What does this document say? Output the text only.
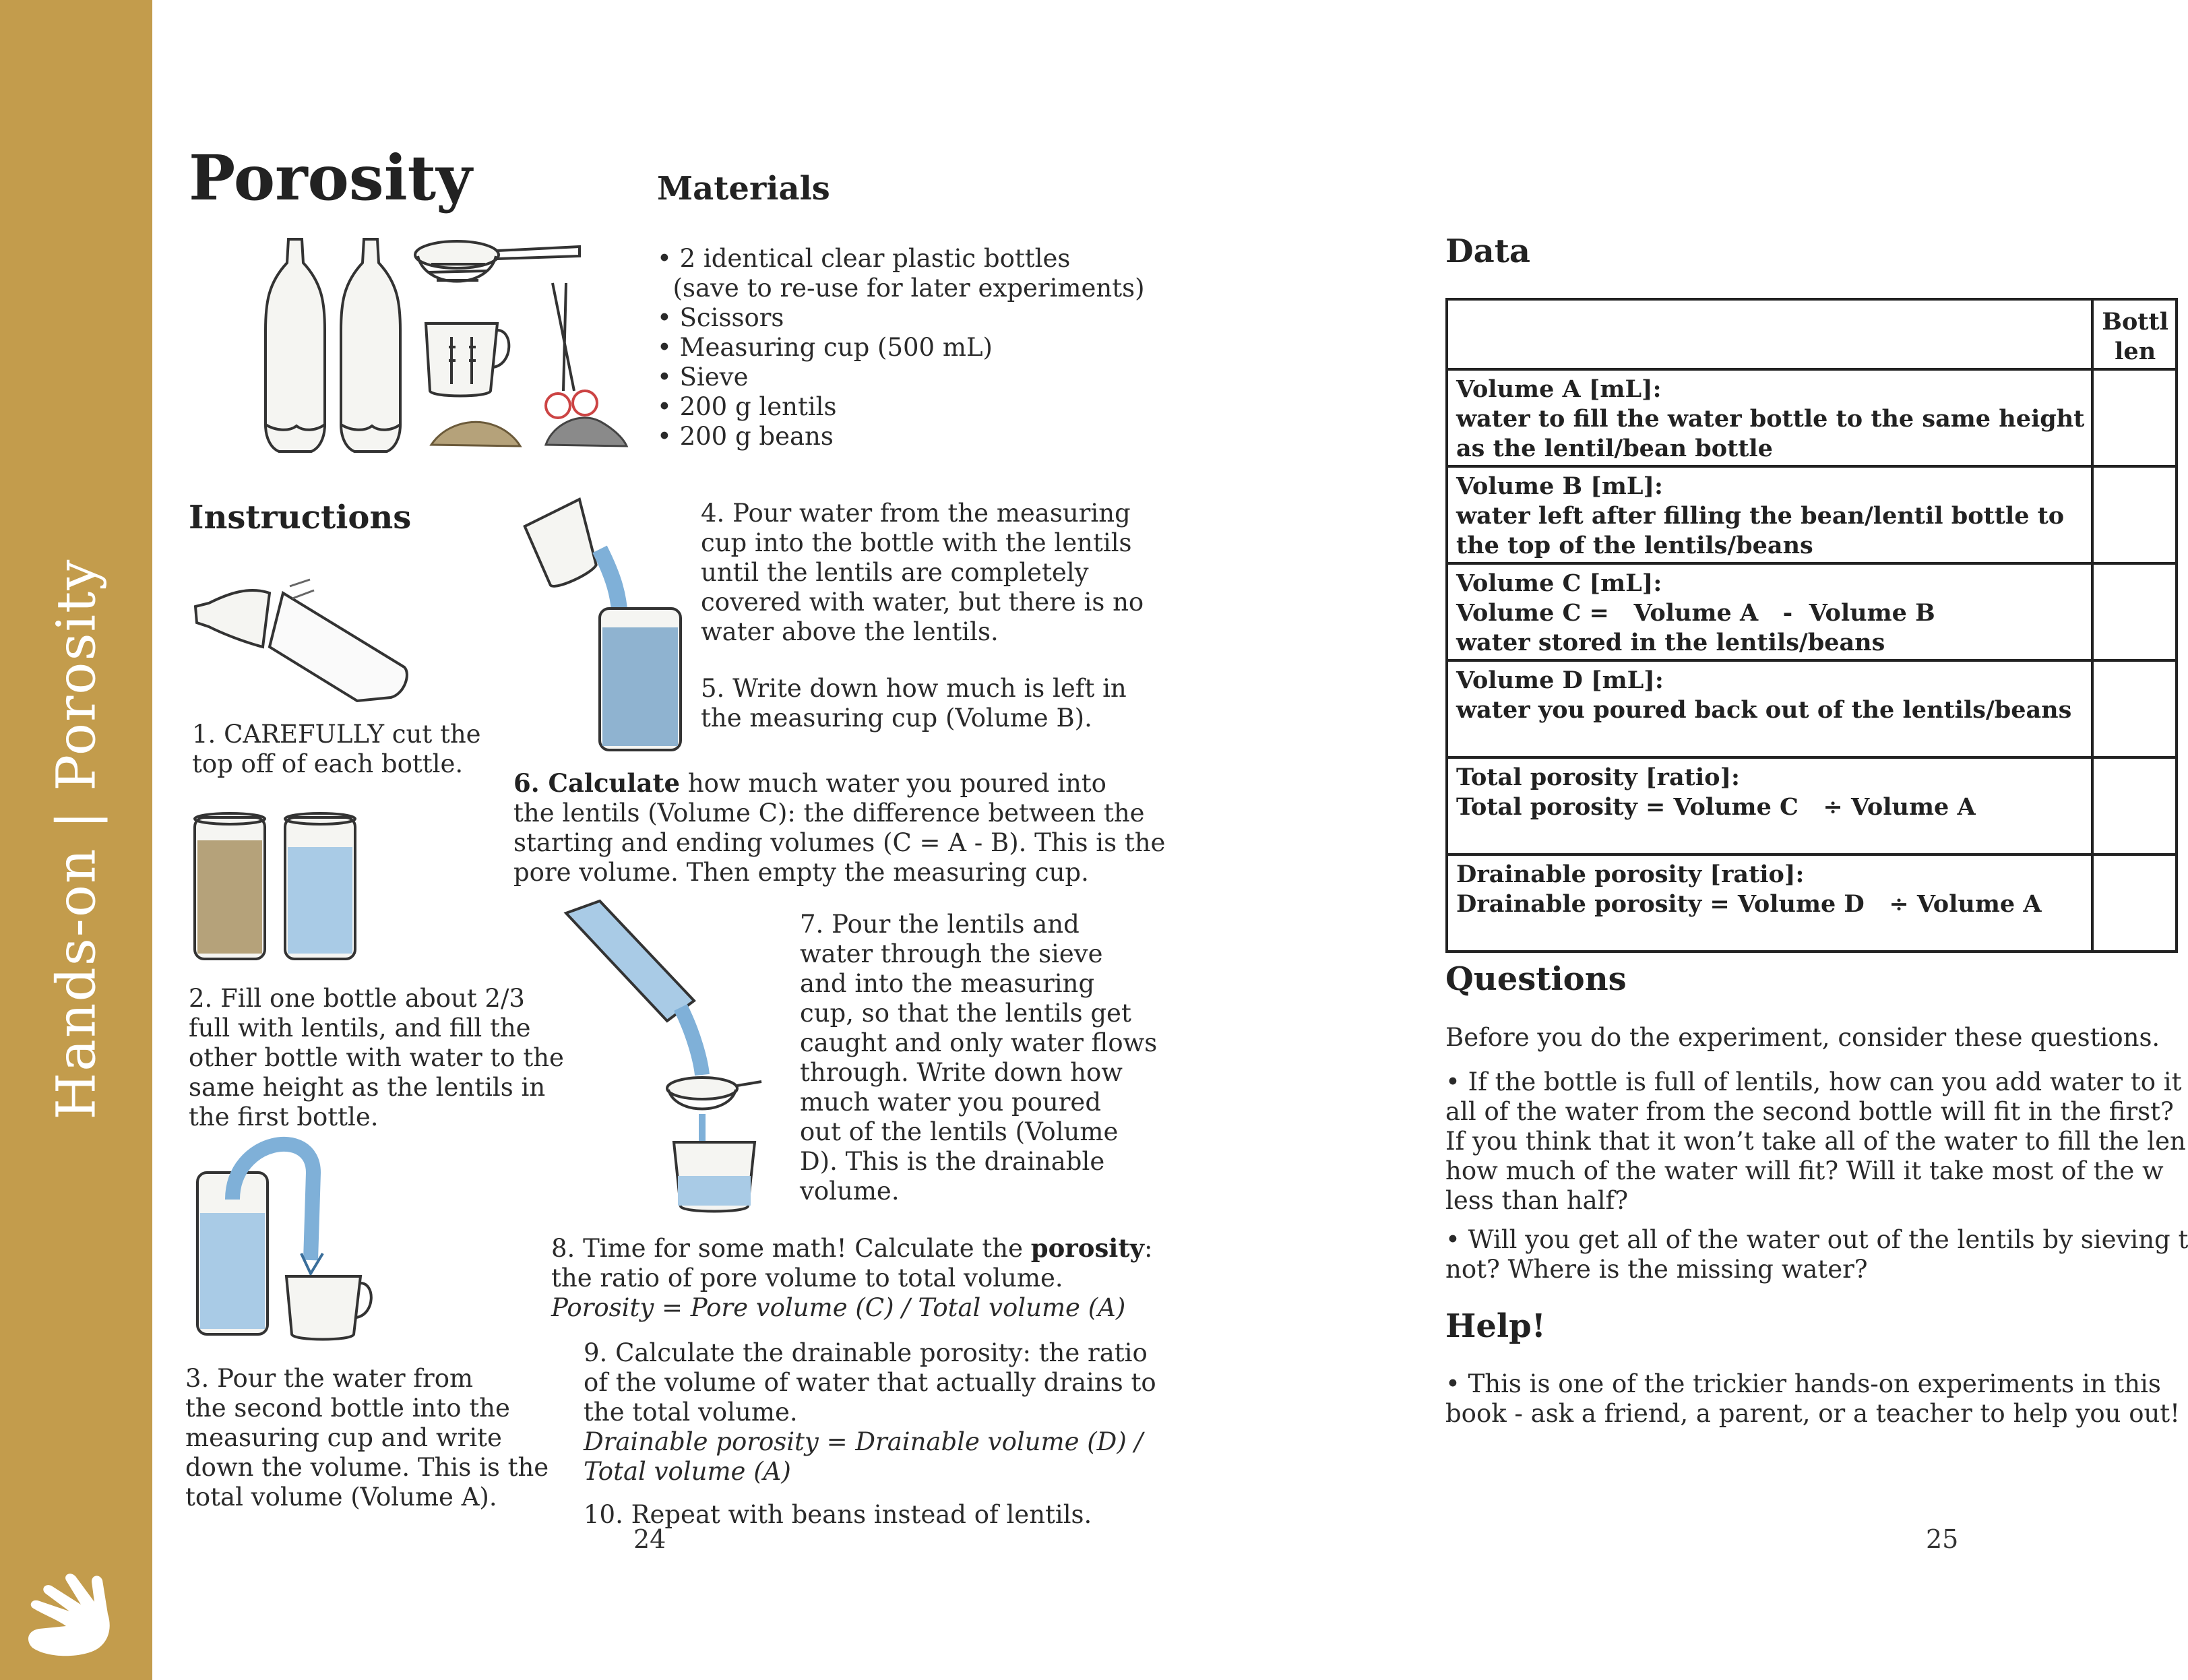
Hands-on | Porosity
Porosity	Materials
• 2 identical clear plastic bottles
(save to re-use for later experiments)
• Scissors
• Measuring cup (500 mL)
• Sieve
• 200 g lentils
• 200 g beans
Instructions
1. CAREFULLY cut the
top off of each bottle.
2. Fill one bottle about 2/3
full with lentils, and fill the
other bottle with water to the
same height as the lentils in
the first bottle.
3. Pour the water from
the second bottle into the
measuring cup and write
down the volume. This is the
total volume (Volume A).
4. Pour water from the measuring
cup into the bottle with the lentils
until the lentils are completely
covered with water, but there is no
water above the lentils.
5. Write down how much is left in
the measuring cup (Volume B).
6. Calculate how much water you poured into
the lentils (Volume C): the difference between the
starting and ending volumes (C = A - B). This is the
pore volume. Then empty the measuring cup.
7. Pour the lentils and
water through the sieve
and into the measuring
cup, so that the lentils get
caught and only water flows
through. Write down how
much water you poured
out of the lentils (Volume
D). This is the drainable
volume.
8. Time for some math! Calculate the porosity:
the ratio of pore volume to total volume.
Porosity = Pore volume (C) / Total volume (A)
9. Calculate the drainable porosity: the ratio
of the volume of water that actually drains to
the total volume.
Drainable porosity = Drainable volume (D) /
Total volume (A)
10. Repeat with beans instead of lentils.
24
Data

	Bottl
len

Volume A [mL]:
water to fill the water bottle to the same height
as the lentil/bean bottle	

Volume B [mL]:
water left after filling the bean/lentil bottle to
the top of the lentils/beans	

Volume C [mL]:
Volume C =   Volume A   -  Volume B
water stored in the lentils/beans	

Volume D [mL]:
water you poured back out of the lentils/beans	

Total porosity [ratio]:
Total porosity = Volume C   ÷ Volume A	

Drainable porosity [ratio]:
Drainable porosity = Volume D   ÷ Volume A	

Questions
Before you do the experiment, consider these questions.
• If the bottle is full of lentils, how can you add water to it
all of the water from the second bottle will fit in the first?
If you think that it won’t take all of the water to fill the len
how much of the water will fit? Will it take most of the w
less than half?
• Will you get all of the water out of the lentils by sieving t
not? Where is the missing water?
Help!
• This is one of the trickier hands-on experiments in this
book - ask a friend, a parent, or a teacher to help you out!
25
